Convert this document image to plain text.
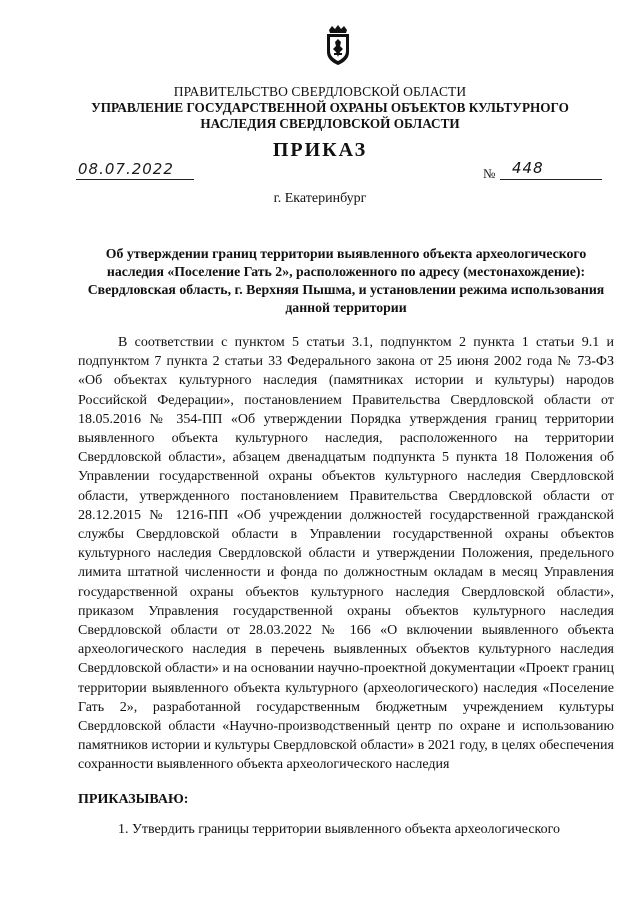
ПРАВИТЕЛЬСТВО СВЕРДЛОВСКОЙ ОБЛАСТИ
УПРАВЛЕНИЕ ГОСУДАРСТВЕННОЙ ОХРАНЫ ОБЪЕКТОВ КУЛЬТУРНОГО НАСЛЕДИЯ СВЕРДЛОВСКОЙ ОБЛАСТИ
ПРИКАЗ
08.07.2022	№ 448
г. Екатеринбург
Об утверждении границ территории выявленного объекта археологического наследия «Поселение Гать 2», расположенного по адресу (местонахождение): Свердловская область, г. Верхняя Пышма, и установлении режима использования данной территории
В соответствии с пунктом 5 статьи 3.1, подпунктом 2 пункта 1 статьи 9.1 и подпунктом 7 пункта 2 статьи 33 Федерального закона от 25 июня 2002 года № 73-ФЗ «Об объектах культурного наследия (памятниках истории и культуры) народов Российской Федерации», постановлением Правительства Свердловской области от 18.05.2016 № 354-ПП «Об утверждении Порядка утверждения границ территории выявленного объекта культурного наследия, расположенного на территории Свердловской области», абзацем двенадцатым подпункта 5 пункта 18 Положения об Управлении государственной охраны объектов культурного наследия Свердловской области, утвержденного постановлением Правительства Свердловской области от 28.12.2015 № 1216-ПП «Об учреждении должностей государственной гражданской службы Свердловской области в Управлении государственной охраны объектов культурного наследия Свердловской области и утверждении Положения, предельного лимита штатной численности и фонда по должностным окладам в месяц Управления государственной охраны объектов культурного наследия Свердловской области», приказом Управления государственной охраны объектов культурного наследия Свердловской области от 28.03.2022 № 166 «О включении выявленного объекта археологического наследия в перечень выявленных объектов культурного наследия Свердловской области» и на основании научно-проектной документации «Проект границ территории выявленного объекта культурного (археологического) наследия «Поселение Гать 2», разработанной государственным бюджетным учреждением культуры Свердловской области «Научно-производственный центр по охране и использованию памятников истории и культуры Свердловской области» в 2021 году, в целях обеспечения сохранности выявленного объекта археологического наследия
ПРИКАЗЫВАЮ:
1. Утвердить границы территории выявленного объекта археологического
